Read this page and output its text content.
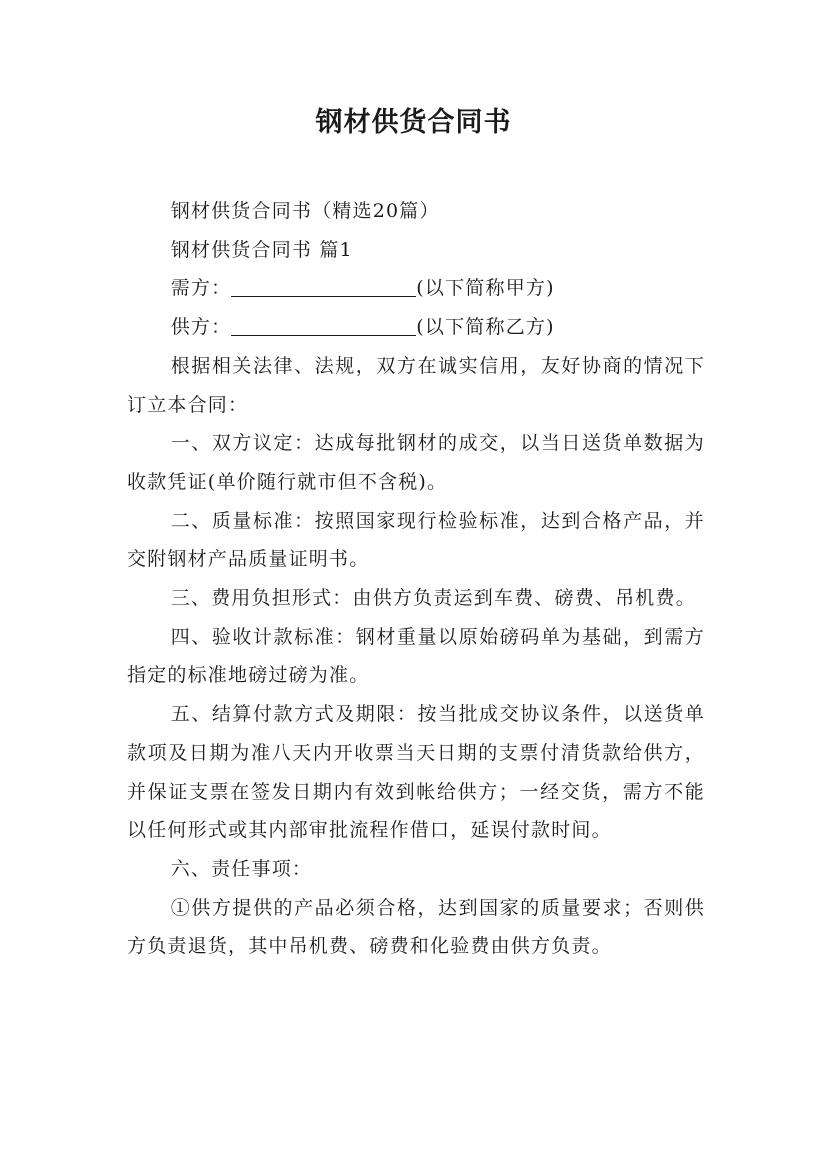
钢材供货合同书

钢材供货合同书（精选20篇）

钢材供货合同书 篇1

需方：	(以下简称甲方)

供方：	(以下简称乙方)

根据相关法律、法规，双方在诚实信用，友好协商的情况下订立本合同：

一、双方议定：达成每批钢材的成交，以当日送货单数据为收款凭证(单价随行就市但不含税)。

二、质量标准：按照国家现行检验标准，达到合格产品，并交附钢材产品质量证明书。

三、费用负担形式：由供方负责运到车费、磅费、吊机费。

四、验收计款标准：钢材重量以原始磅码单为基础，到需方指定的标准地磅过磅为准。

五、结算付款方式及期限：按当批成交协议条件，以送货单款项及日期为准八天内开收票当天日期的支票付清货款给供方，并保证支票在签发日期内有效到帐给供方；一经交货，需方不能以任何形式或其内部审批流程作借口，延误付款时间。

六、责任事项：

①供方提供的产品必须合格，达到国家的质量要求；否则供方负责退货，其中吊机费、磅费和化验费由供方负责。
